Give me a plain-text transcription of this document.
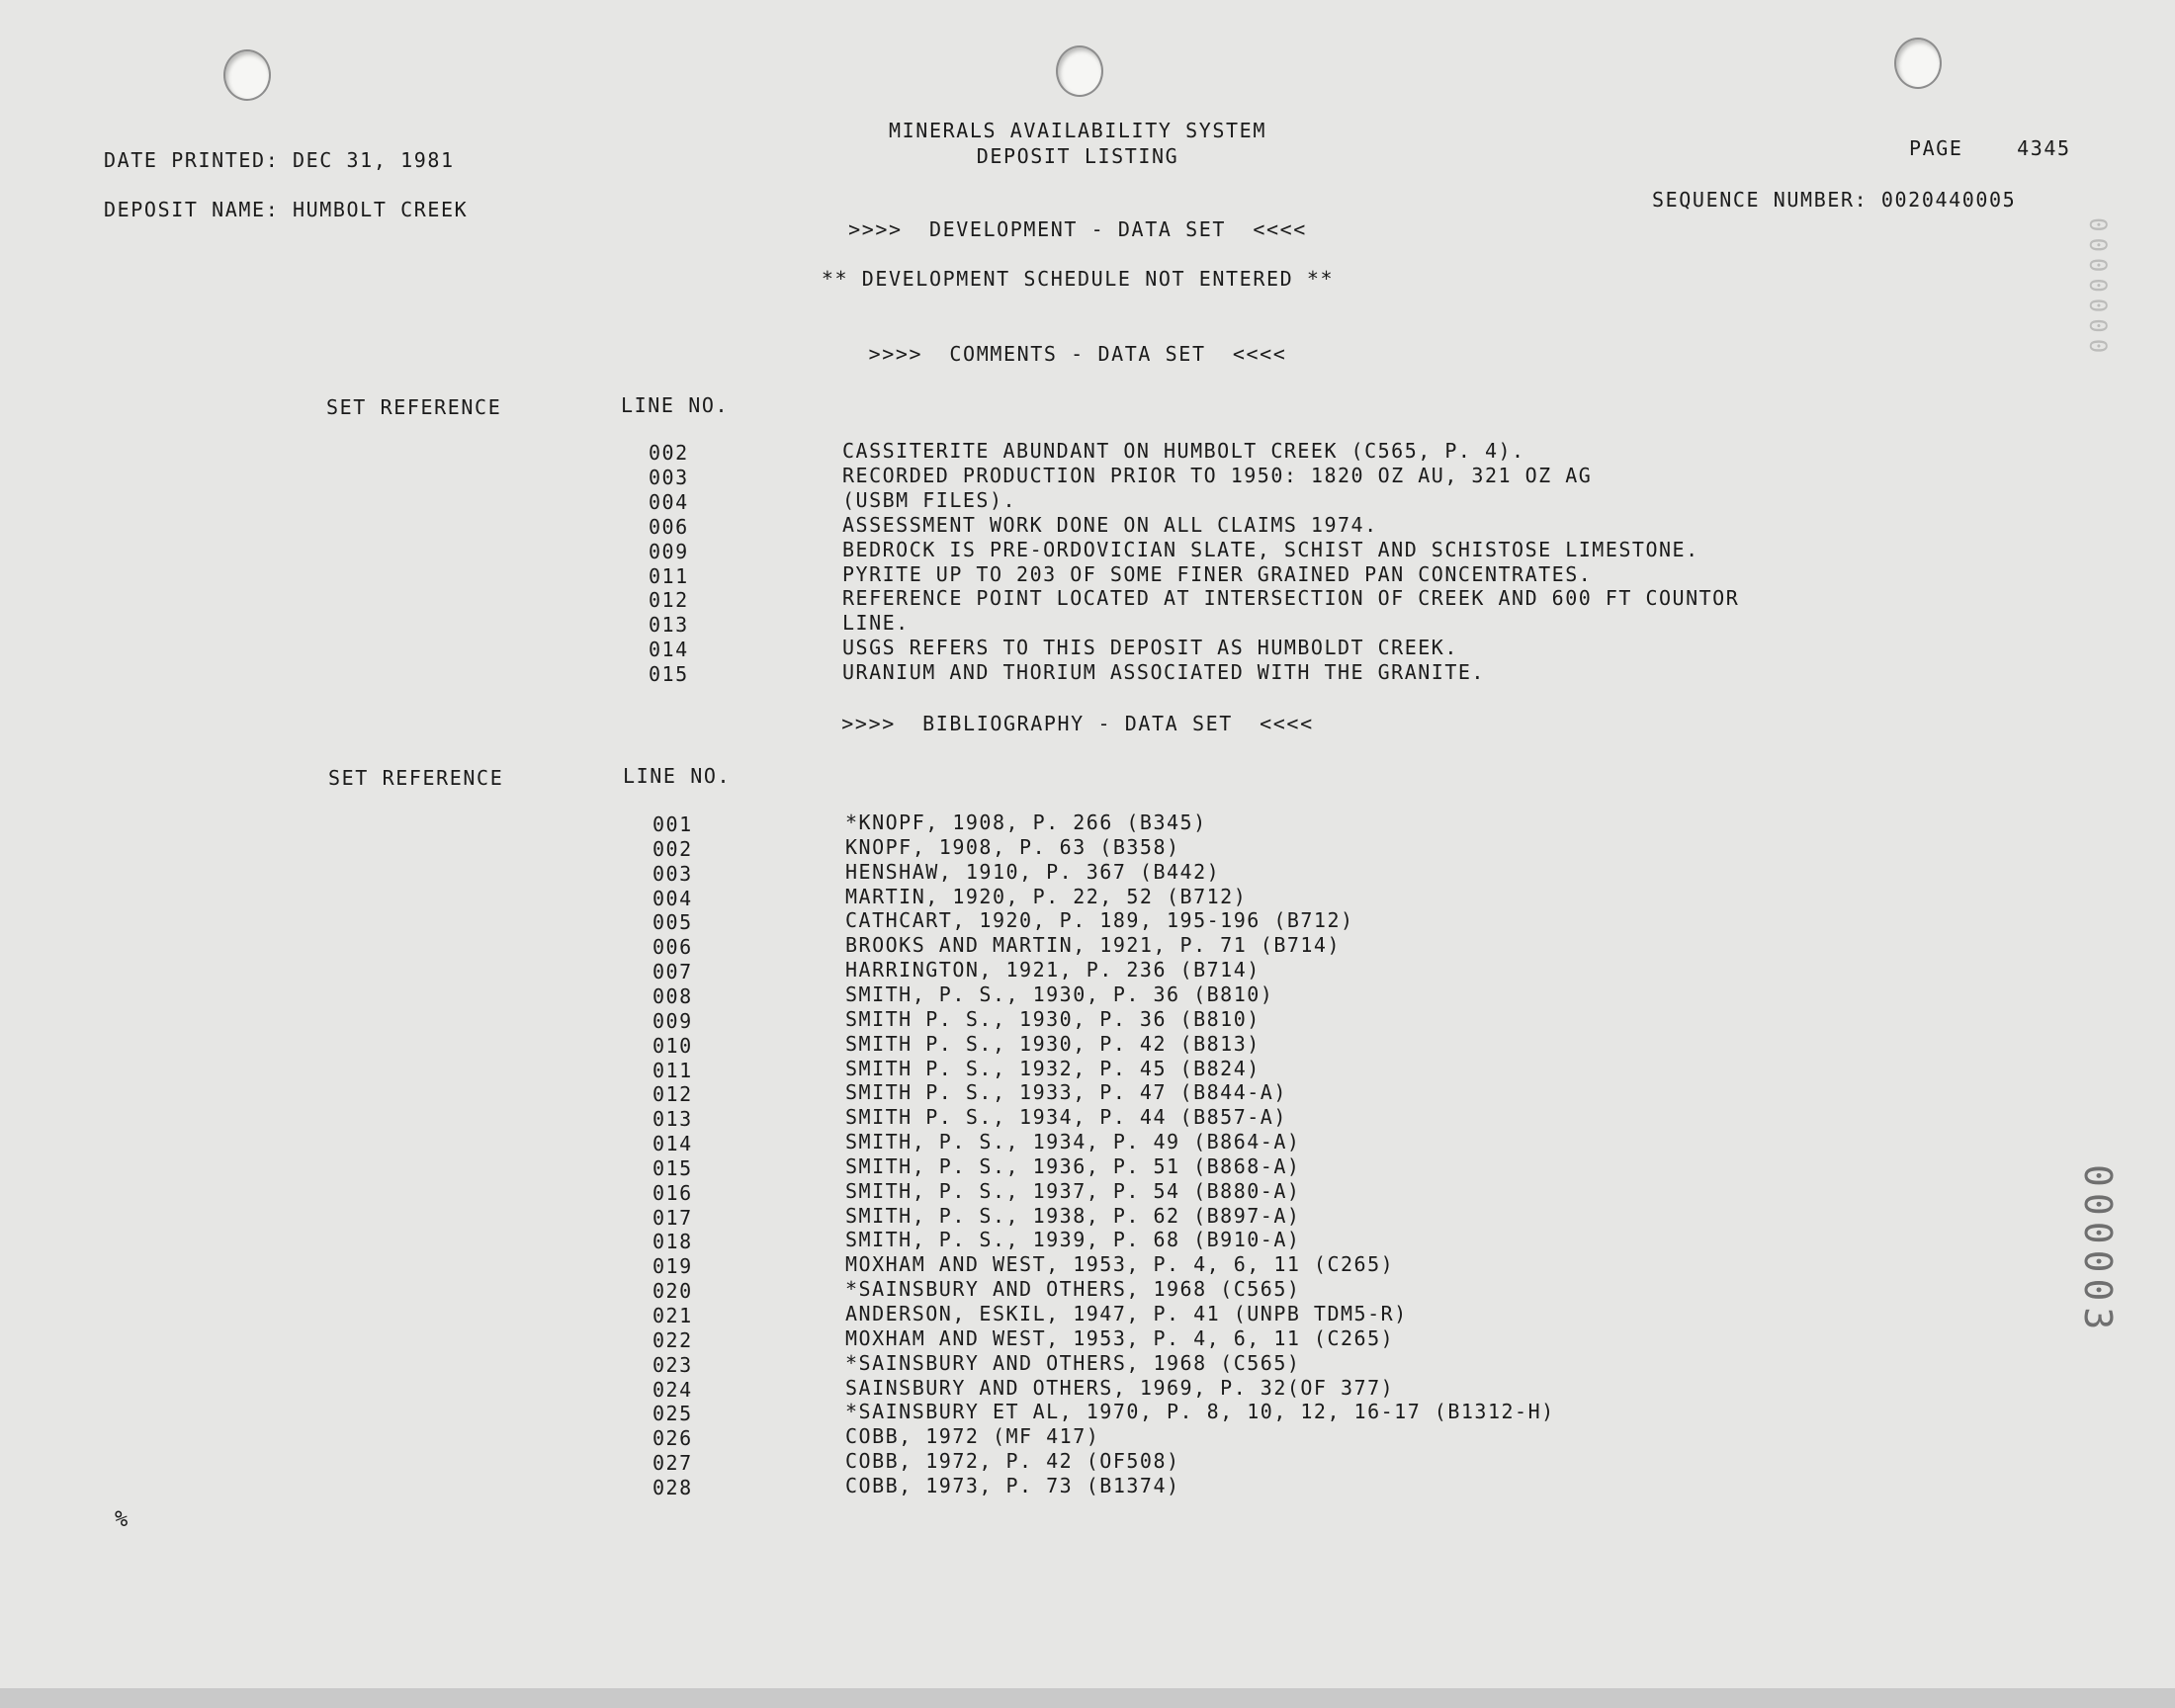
MINERALS AVAILABILITY SYSTEM
DEPOSIT LISTING
DATE PRINTED: DEC 31, 1981
DEPOSIT NAME: HUMBOLT CREEK
PAGE    4345
SEQUENCE NUMBER: 0020440005
>>>>  DEVELOPMENT - DATA SET  <<<<
** DEVELOPMENT SCHEDULE NOT ENTERED **
>>>>  COMMENTS - DATA SET  <<<<
SET REFERENCE	LINE NO.
002
003
004
006
009
011
012
013
014
015
CASSITERITE ABUNDANT ON HUMBOLT CREEK (C565, P. 4).
RECORDED PRODUCTION PRIOR TO 1950: 1820 OZ AU, 321 OZ AG
(USBM FILES).
ASSESSMENT WORK DONE ON ALL CLAIMS 1974.
BEDROCK IS PRE-ORDOVICIAN SLATE, SCHIST AND SCHISTOSE LIMESTONE.
PYRITE UP TO 203 OF SOME FINER GRAINED PAN CONCENTRATES.
REFERENCE POINT LOCATED AT INTERSECTION OF CREEK AND 600 FT COUNTOR
LINE.
USGS REFERS TO THIS DEPOSIT AS HUMBOLDT CREEK.
URANIUM AND THORIUM ASSOCIATED WITH THE GRANITE.
>>>>  BIBLIOGRAPHY - DATA SET  <<<<
SET REFERENCE	LINE NO.
001
002
003
004
005
006
007
008
009
010
011
012
013
014
015
016
017
018
019
020
021
022
023
024
025
026
027
028
*KNOPF, 1908, P. 266 (B345)
KNOPF, 1908, P. 63 (B358)
HENSHAW, 1910, P. 367 (B442)
MARTIN, 1920, P. 22, 52 (B712)
CATHCART, 1920, P. 189, 195-196 (B712)
BROOKS AND MARTIN, 1921, P. 71 (B714)
HARRINGTON, 1921, P. 236 (B714)
SMITH, P. S., 1930, P. 36 (B810)
SMITH P. S., 1930, P. 36 (B810)
SMITH P. S., 1930, P. 42 (B813)
SMITH P. S., 1932, P. 45 (B824)
SMITH P. S., 1933, P. 47 (B844-A)
SMITH P. S., 1934, P. 44 (B857-A)
SMITH, P. S., 1934, P. 49 (B864-A)
SMITH, P. S., 1936, P. 51 (B868-A)
SMITH, P. S., 1937, P. 54 (B880-A)
SMITH, P. S., 1938, P. 62 (B897-A)
SMITH, P. S., 1939, P. 68 (B910-A)
MOXHAM AND WEST, 1953, P. 4, 6, 11 (C265)
*SAINSBURY AND OTHERS, 1968 (C565)
ANDERSON, ESKIL, 1947, P. 41 (UNPB TDM5-R)
MOXHAM AND WEST, 1953, P. 4, 6, 11 (C265)
*SAINSBURY AND OTHERS, 1968 (C565)
SAINSBURY AND OTHERS, 1969, P. 32(OF 377)
*SAINSBURY ET AL, 1970, P. 8, 10, 12, 16-17 (B1312-H)
COBB, 1972 (MF 417)
COBB, 1972, P. 42 (OF508)
COBB, 1973, P. 73 (B1374)
%
000003
0000000
